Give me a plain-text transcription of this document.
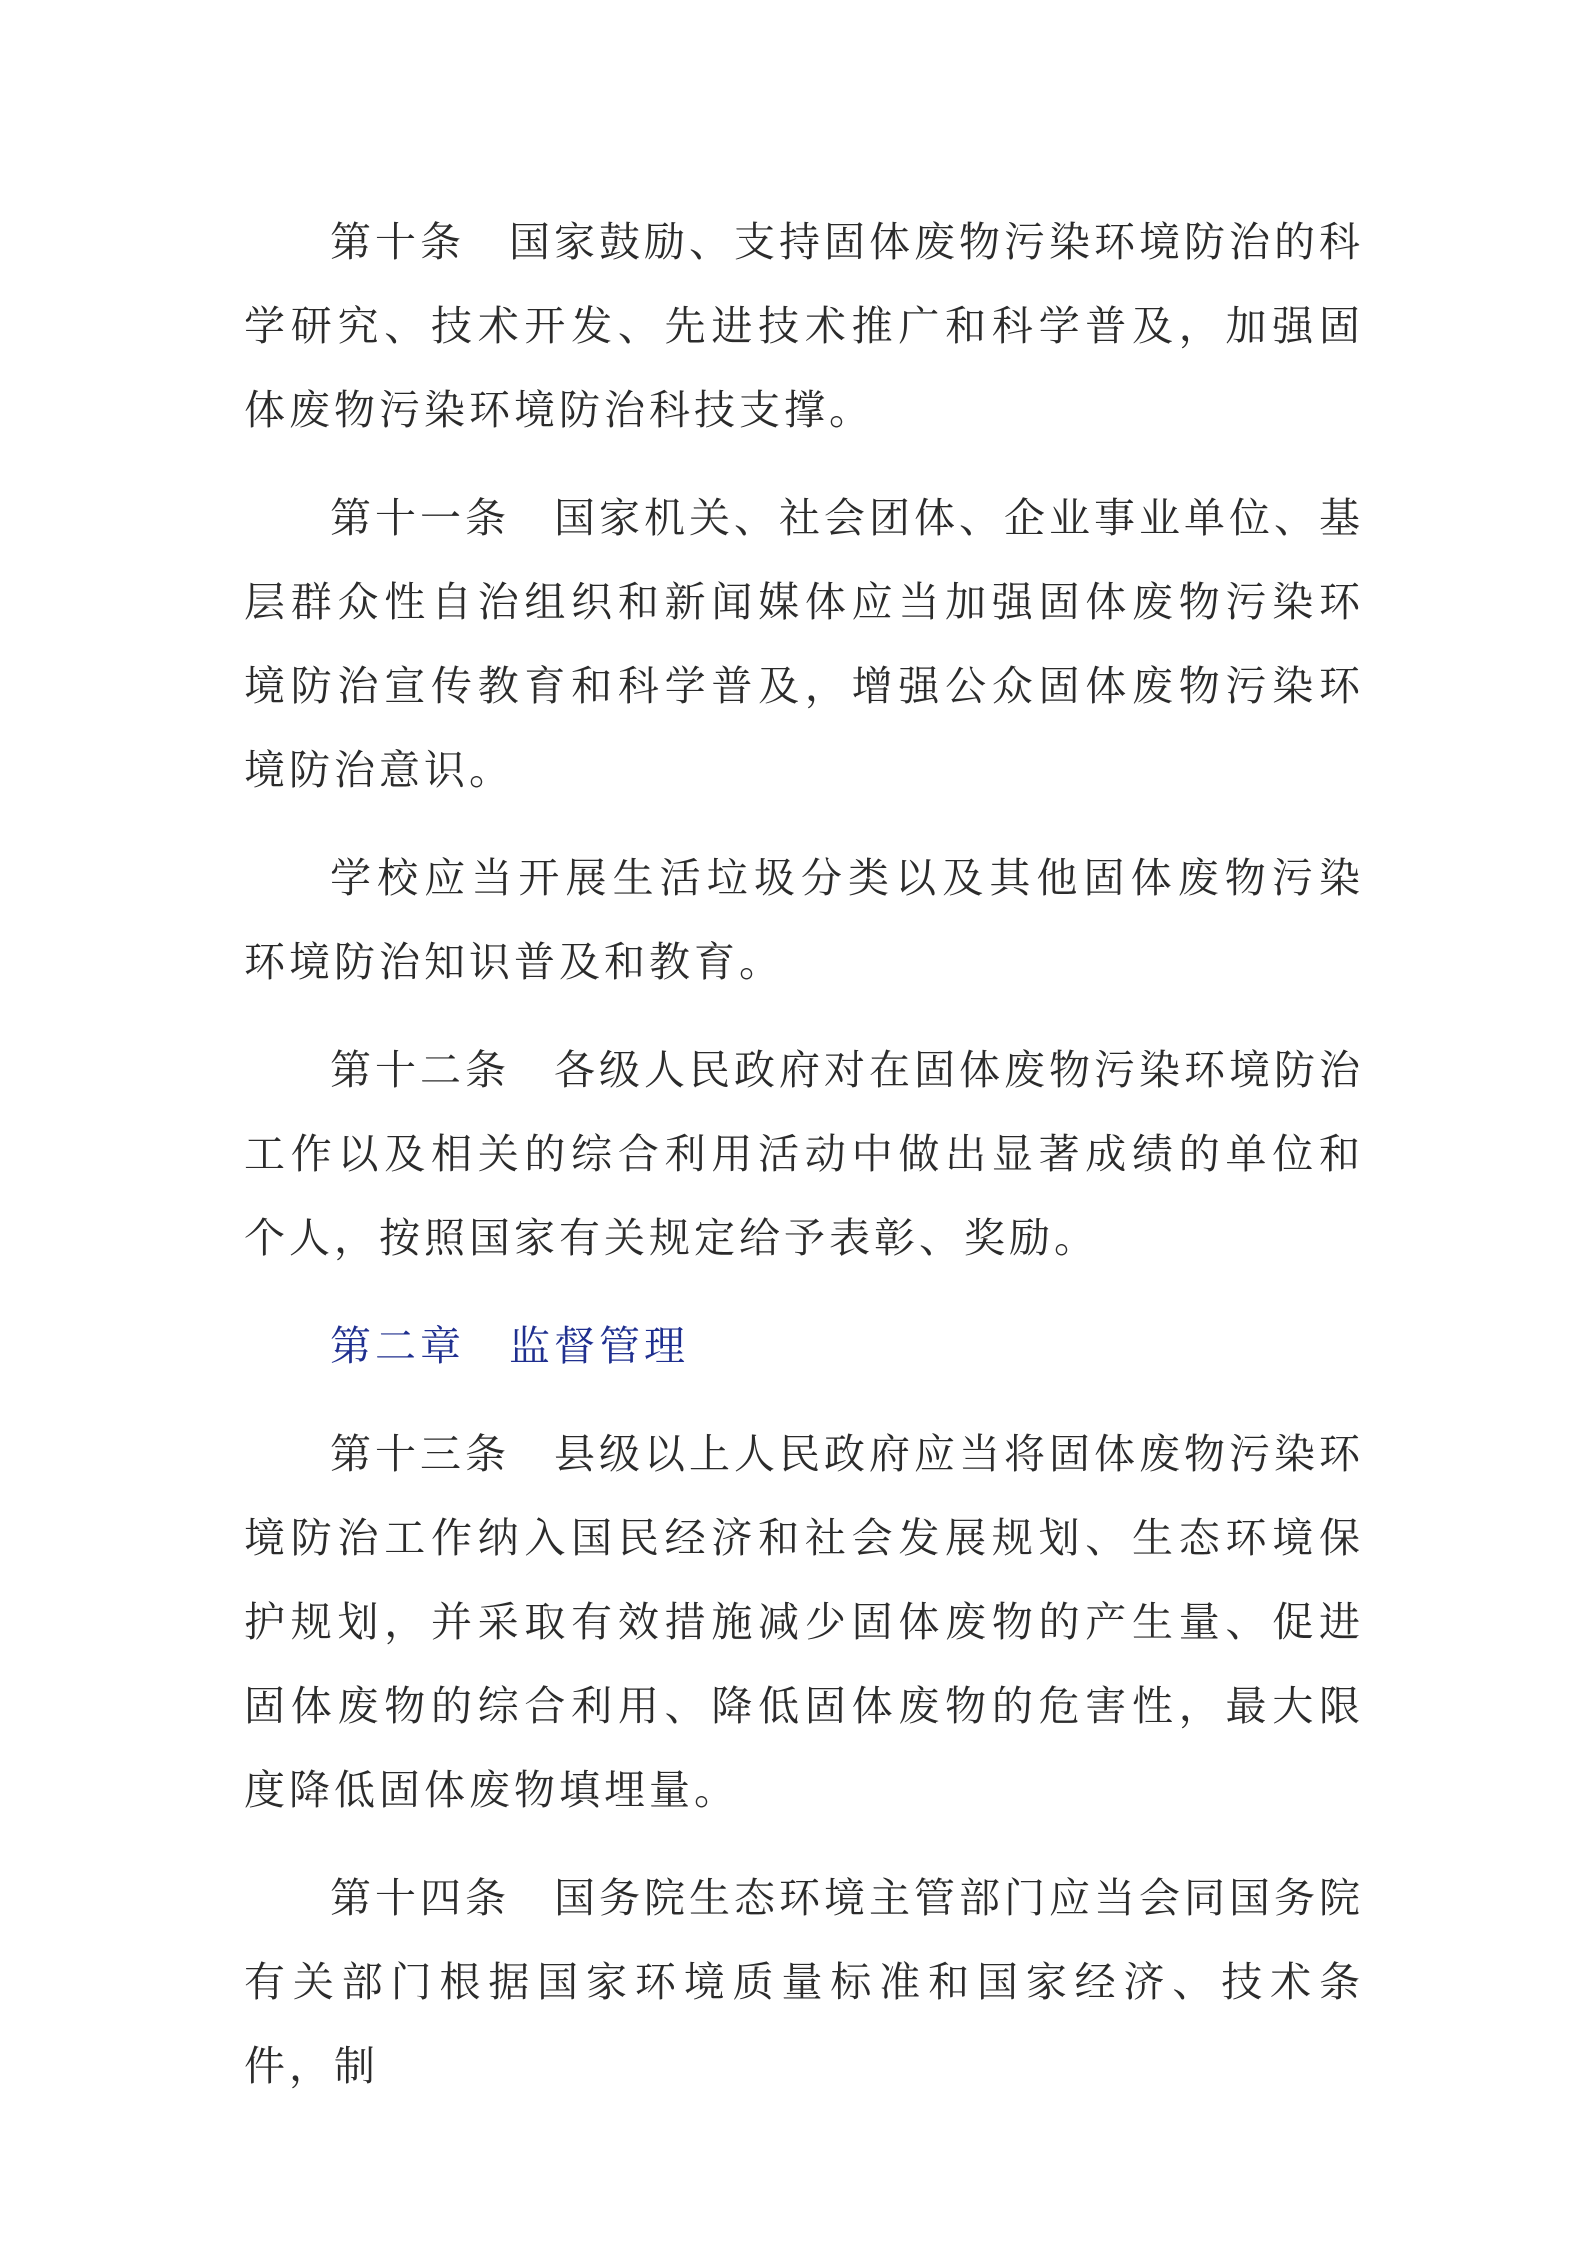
第十条 国家鼓励、支持固体废物污染环境防治的科学研究、技术开发、先进技术推广和科学普及，加强固体废物污染环境防治科技支撑。

第十一条 国家机关、社会团体、企业事业单位、基层群众性自治组织和新闻媒体应当加强固体废物污染环境防治宣传教育和科学普及，增强公众固体废物污染环境防治意识。

学校应当开展生活垃圾分类以及其他固体废物污染环境防治知识普及和教育。

第十二条 各级人民政府对在固体废物污染环境防治工作以及相关的综合利用活动中做出显著成绩的单位和个人，按照国家有关规定给予表彰、奖励。

第二章 监督管理

第十三条 县级以上人民政府应当将固体废物污染环境防治工作纳入国民经济和社会发展规划、生态环境保护规划，并采取有效措施减少固体废物的产生量、促进固体废物的综合利用、降低固体废物的危害性，最大限度降低固体废物填埋量。

第十四条 国务院生态环境主管部门应当会同国务院有关部门根据国家环境质量标准和国家经济、技术条件，制
